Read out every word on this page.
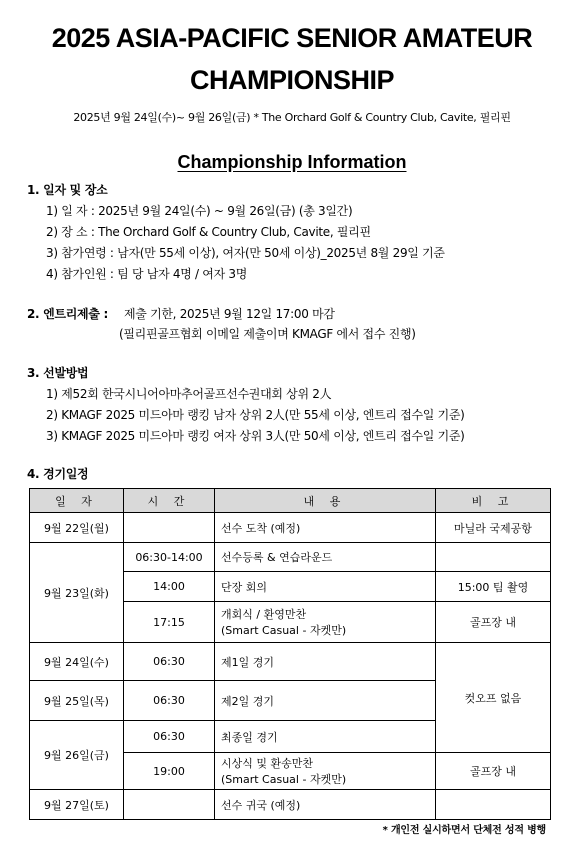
2025 ASIA-PACIFIC SENIOR AMATEUR
CHAMPIONSHIP
2025년 9월 24일(수)~ 9월 26일(금) * The Orchard Golf & Country Club, Cavite, 필리핀
Championship Information
1. 일자 및 장소
1) 일 자 : 2025년 9월 24일(수) ~ 9월 26일(금) (총 3일간)
2) 장 소 : The Orchard Golf & Country Club, Cavite, 필리핀
3) 참가연령 : 남자(만 55세 이상), 여자(만 50세 이상)_2025년 8월 29일 기준
4) 참가인원 : 팀 당 남자 4명 / 여자 3명
2. 엔트리제출 : 제출 기한, 2025년 9월 12일 17:00 마감
(필리핀골프협회 이메일 제출이며 KMAGF 에서 접수 진행)
3. 선발방법
1) 제52회 한국시니어아마추어골프선수권대회 상위 2人
2) KMAGF 2025 미드아마 랭킹 남자 상위 2人(만 55세 이상, 엔트리 접수일 기준)
3) KMAGF 2025 미드아마 랭킹 여자 상위 3人(만 50세 이상, 엔트리 접수일 기준)
4. 경기일정
일 자	시 간	내 용	비 고
9월 22일(월)		선수 도착 (예정)	마닐라 국제공항
9월 23일(화)	06:30-14:00	선수등록 & 연습라운드	
	14:00	단장 회의	15:00 팀 촬영
	17:15	개회식 / 환영만찬
(Smart Casual - 자켓만)	골프장 내
9월 24일(수)	06:30	제1일 경기	컷오프 없음
9월 25일(목)	06:30	제2일 경기	
9월 26일(금)	06:30	최종일 경기	
	19:00	시상식 및 환송만찬
(Smart Casual - 자켓만)	골프장 내
9월 27일(토)		선수 귀국 (예정)	
* 개인전 실시하면서 단체전 성적 병행
